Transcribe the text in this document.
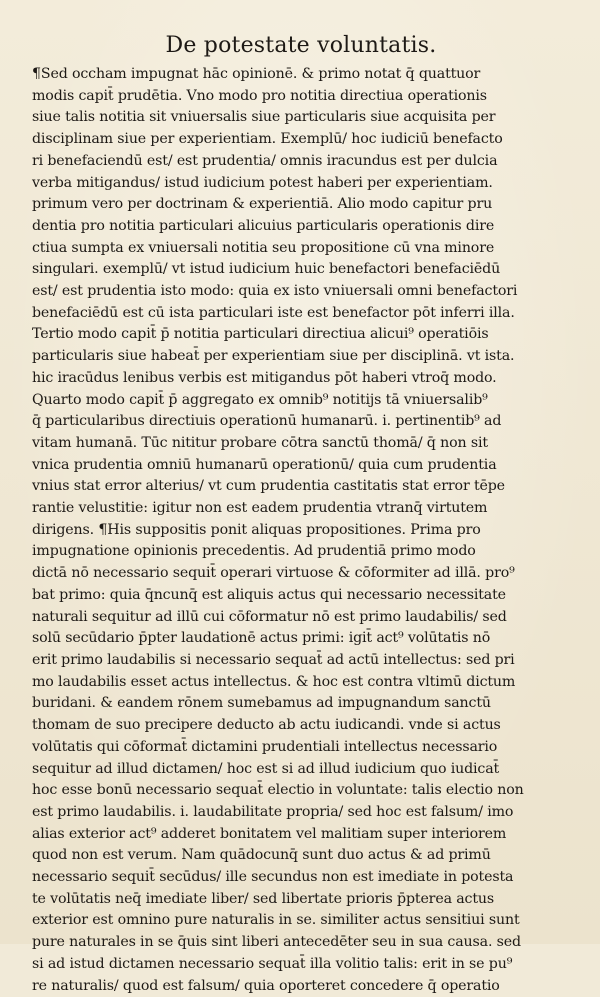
De potestate voluntatis.
¶Sed occham impugnat hāc opinionē. & primo notat q̄ quattuor
modis capit̄ prudētia. Vno modo pro notitia directiua operationis
siue talis notitia sit vniuersalis siue particularis siue acquisita per
disciplinam siue per experientiam. Exemplū/ hoc iudiciū benefacto
ri benefaciendū est/ est prudentia/ omnis iracundus est per dulcia
verba mitigandus/ istud iudicium potest haberi per experientiam.
primum vero per doctrinam & experientiā. Alio modo capitur pru
dentia pro notitia particulari alicuius particularis operationis dire
ctiua sumpta ex vniuersali notitia seu propositione cū vna minore
singulari. exemplū/ vt istud iudicium huic benefactori benefaciēdū
est/ est prudentia isto modo: quia ex isto vniuersali omni benefactori
benefaciēdū est cū ista particulari iste est benefactor pōt inferri illa.
Tertio modo capit̄ p̄ notitia particulari directiua alicui⁹ operatiōis
particularis siue habeat̄ per experientiam siue per disciplinā. vt ista.
hic iracūdus lenibus verbis est mitigandus pōt haberi vtroq̄ modo.
Quarto modo capit̄ p̄ aggregato ex omnib⁹ notitijs tā vniuersalib⁹
q̄ particularibus directiuis operationū humanarū. i. pertinentib⁹ ad
vitam humanā. Tūc nititur probare cōtra sanctū thomā/ q̄ non sit
vnica prudentia omniū humanarū operationū/ quia cum prudentia
vnius stat error alterius/ vt cum prudentia castitatis stat error tēpe
rantie velustitie: igitur non est eadem prudentia vtranq̄ virtutem
dirigens. ¶His suppositis ponit aliquas propositiones. Prima pro
impugnatione opinionis precedentis. Ad prudentiā primo modo
dictā nō necessario sequit̄ operari virtuose & cōformiter ad illā. pro⁹
bat primo: quia q̄ncunq̄ est aliquis actus qui necessario necessitate
naturali sequitur ad illū cui cōformatur nō est primo laudabilis/ sed
solū secūdario p̄pter laudationē actus primi: igit̄ act⁹ volūtatis nō
erit primo laudabilis si necessario sequat̄ ad actū intellectus: sed pri
mo laudabilis esset actus intellectus. & hoc est contra vltimū dictum
buridani. & eandem rōnem sumebamus ad impugnandum sanctū
thomam de suo precipere deducto ab actu iudicandi. vnde si actus
volūtatis qui cōformat̄ dictamini prudentiali intellectus necessario
sequitur ad illud dictamen/ hoc est si ad illud iudicium quo iudicat̄
hoc esse bonū necessario sequat̄ electio in voluntate: talis electio non
est primo laudabilis. i. laudabilitate propria/ sed hoc est falsum/ imo
alias exterior act⁹ adderet bonitatem vel malitiam super interiorem
quod non est verum. Nam quādocunq̄ sunt duo actus & ad primū
necessario sequit̄ secūdus/ ille secundus non est imediate in potesta
te volūtatis neq̄ imediate liber/ sed libertate prioris p̄pterea actus
exterior est omnino pure naturalis in se. similiter actus sensitiui sunt
pure naturales in se q̄uis sint liberi antecedēter seu in sua causa. sed
si ad istud dictamen necessario sequat̄ illa volitio talis: erit in se pu⁹
re naturalis/ quod est falsum/ quia oporteret concedere q̄ operatio
